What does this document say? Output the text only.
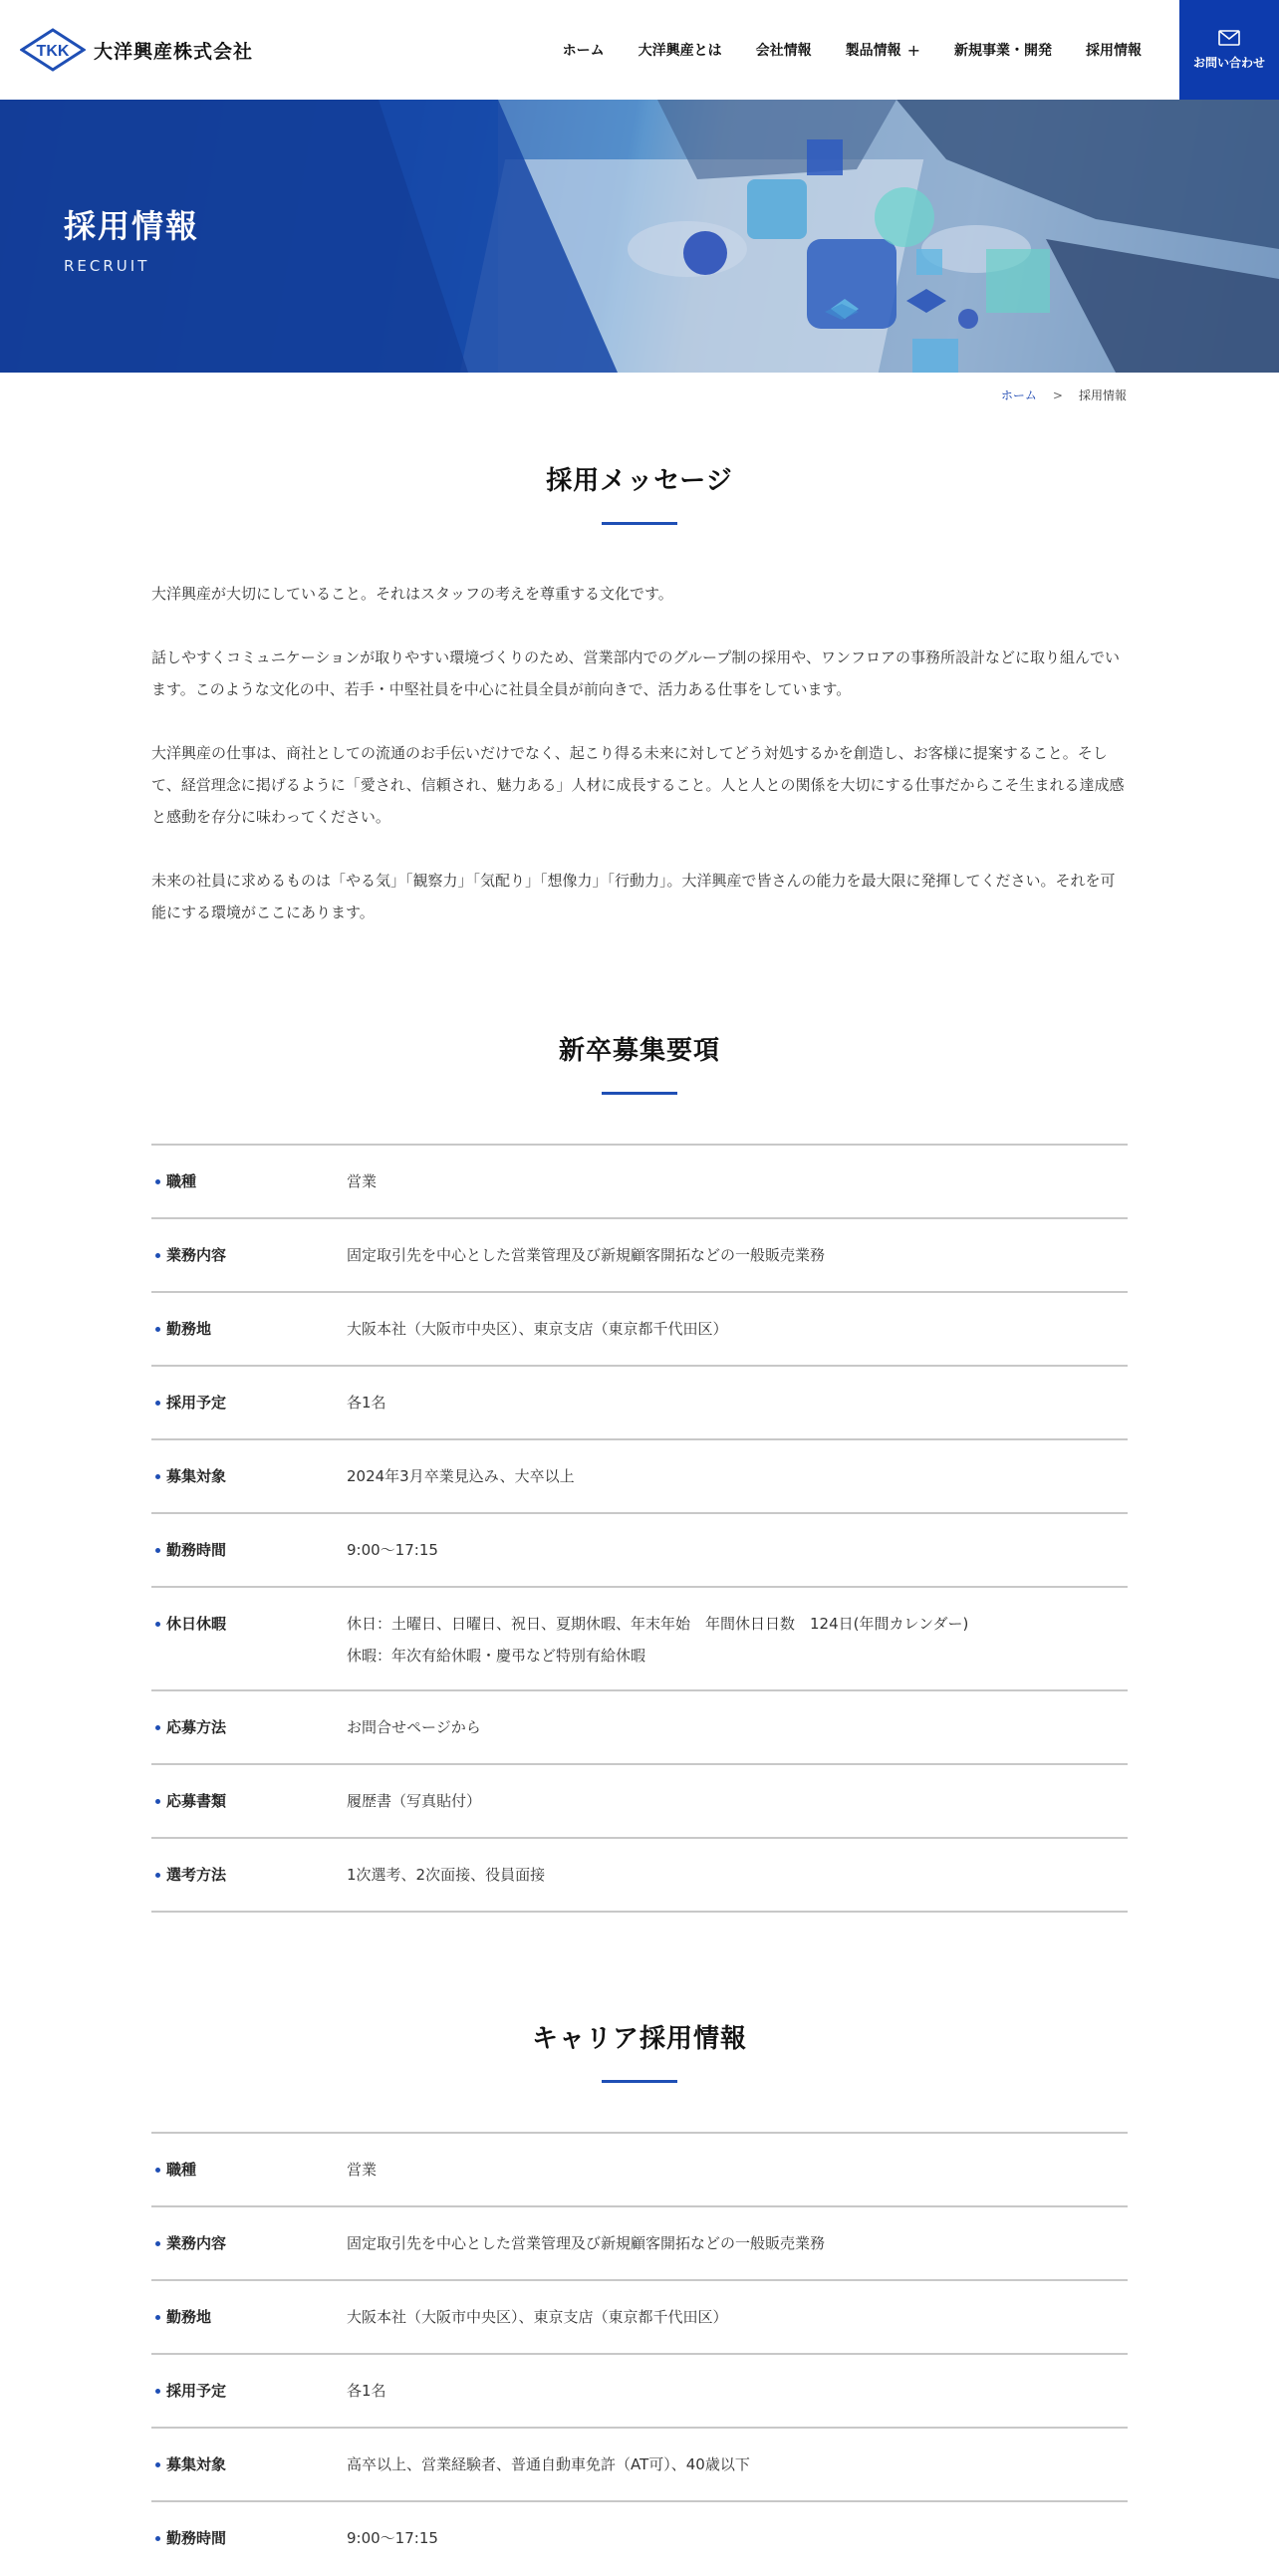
TKK 大洋興産株式会社	ホーム 大洋興産とは 会社情報 製品情報 + 新規事業・開発 採用情報
お問い合わせ
採用情報
RECRUIT
ホーム > 採用情報
採用メッセージ

大洋興産が大切にしていること。それはスタッフの考えを尊重する文化です。

話しやすくコミュニケーションが取りやすい環境づくりのため、営業部内でのグループ制の採用や、ワンフロアの事務所設計などに取り組んでいます。このような文化の中、若手・中堅社員を中心に社員全員が前向きで、活力ある仕事をしています。

大洋興産の仕事は、商社としての流通のお手伝いだけでなく、起こり得る未来に対してどう対処するかを創造し、お客様に提案すること。そして、経営理念に掲げるように「愛され、信頼され、魅力ある」人材に成長すること。人と人との関係を大切にする仕事だからこそ生まれる達成感と感動を存分に味わってください。

未来の社員に求めるものは「やる気」「観察力」「気配り」「想像力」「行動力」。大洋興産で皆さんの能力を最大限に発揮してください。それを可能にする環境がここにあります。

新卒募集要項
職種	営業
業務内容	固定取引先を中心とした営業管理及び新規顧客開拓などの一般販売業務
勤務地	大阪本社（大阪市中央区）、東京支店（東京都千代田区）
採用予定	各1名
募集対象	2024年3月卒業見込み、大卒以上
勤務時間	9:00〜17:15
休日休暇	休日：土曜日、日曜日、祝日、夏期休暇、年末年始　年間休日日数　124日(年間カレンダー)
休暇：年次有給休暇・慶弔など特別有給休暇
応募方法	お問合せページから
応募書類	履歴書（写真貼付）
選考方法	1次選考、2次面接、役員面接
キャリア採用情報
職種	営業
業務内容	固定取引先を中心とした営業管理及び新規顧客開拓などの一般販売業務
勤務地	大阪本社（大阪市中央区）、東京支店（東京都千代田区）
採用予定	各1名
募集対象	高卒以上、営業経験者、普通自動車免許（AT可）、40歳以下
勤務時間	9:00〜17:15
